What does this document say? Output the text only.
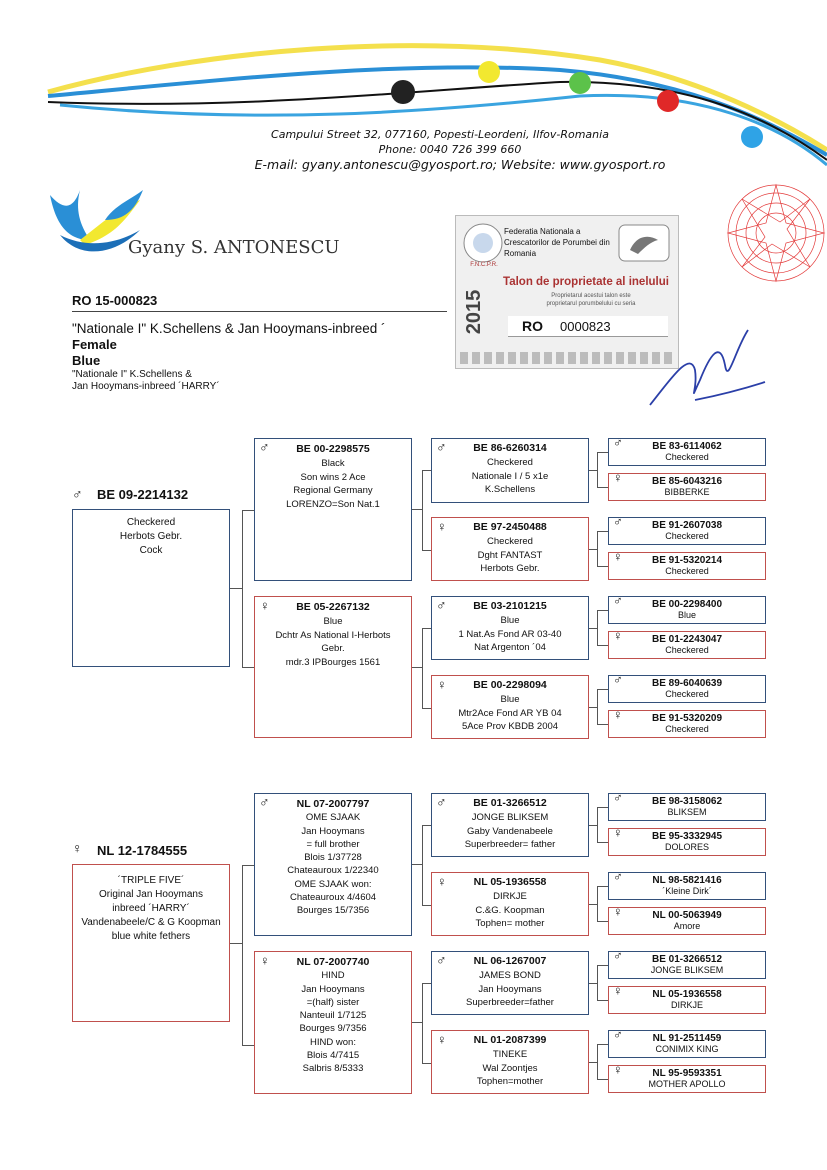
Campului Street 32, 077160, Popesti-Leordeni, Ilfov-Romania
Phone: 0040 726 399 660
E-mail: gyany.antonescu@gyosport.ro; Website: www.gyosport.ro
Gyany S. ANTONESCU
Federatia Nationala a Crescatorilor de Porumbei din Romania
F.N.C.P.R.
Talon de proprietate al inelului
Proprietarul acestui talon este proprietarul porumbelului cu seria
2015	RO 0000823
RO 15-000823
"Nationale I" K.Schellens & Jan Hooymans-inbreed ´
Female
Blue
"Nationale I" K.Schellens &
Jan Hooymans-inbreed ´HARRY´
♂ BE 09-2214132
Checkered
Herbots Gebr.
Cock
♀ NL 12-1784555
´TRIPLE FIVE´
Original Jan Hooymans
inbreed ´HARRY´
Vandenabeele/C & G Koopman
blue white fethers
♂	BE 00-2298575
Black
Son wins 2 Ace
Regional Germany
LORENZO=Son Nat.1
♀	BE 05-2267132
Blue
Dchtr As National I-Herbots
Gebr.
mdr.3 IPBourges 1561
♂	NL 07-2007797
OME SJAAK
Jan Hooymans
= full brother
Blois 1/37728
Chateauroux 1/22340
OME SJAAK won:
Chateauroux 4/4604
Bourges 15/7356
♀	NL 07-2007740
HIND
Jan Hooymans
=(half) sister
Nanteuil 1/7125
Bourges 9/7356
HIND won:
Blois 4/7415
Salbris 8/5333
♂	BE 86-6260314
Checkered
Nationale I / 5 x1e
K.Schellens
♀	BE 97-2450488
Checkered
Dght FANTAST
Herbots Gebr.
♂	BE 03-2101215
Blue
1 Nat.As Fond AR 03-40
Nat Argenton ´04
♀	BE 00-2298094
Blue
Mtr2Ace Fond AR YB 04
5Ace Prov KBDB 2004
♂	BE 01-3266512
JONGE BLIKSEM
Gaby Vandenabeele
Superbreeder= father
♀	NL 05-1936558
DIRKJE
C.&G. Koopman
Tophen= mother
♂	NL 06-1267007
JAMES BOND
Jan Hooymans
Superbreeder=father
♀	NL 01-2087399
TINEKE
Wal Zoontjes
Tophen=mother
♂	BE 83-6114062
Checkered
♀	BE 85-6043216
BIBBERKE
♂	BE 91-2607038
Checkered
♀	BE 91-5320214
Checkered
♂	BE 00-2298400
Blue
♀	BE 01-2243047
Checkered
♂	BE 89-6040639
Checkered
♀	BE 91-5320209
Checkered
♂	BE 98-3158062
BLIKSEM
♀	BE 95-3332945
DOLORES
♂	NL 98-5821416
´Kleine Dirk´
♀	NL 00-5063949
Amore
♂	BE 01-3266512
JONGE BLIKSEM
♀	NL 05-1936558
DIRKJE
♂	NL 91-2511459
CONIMIX KING
♀	NL 95-9593351
MOTHER APOLLO
